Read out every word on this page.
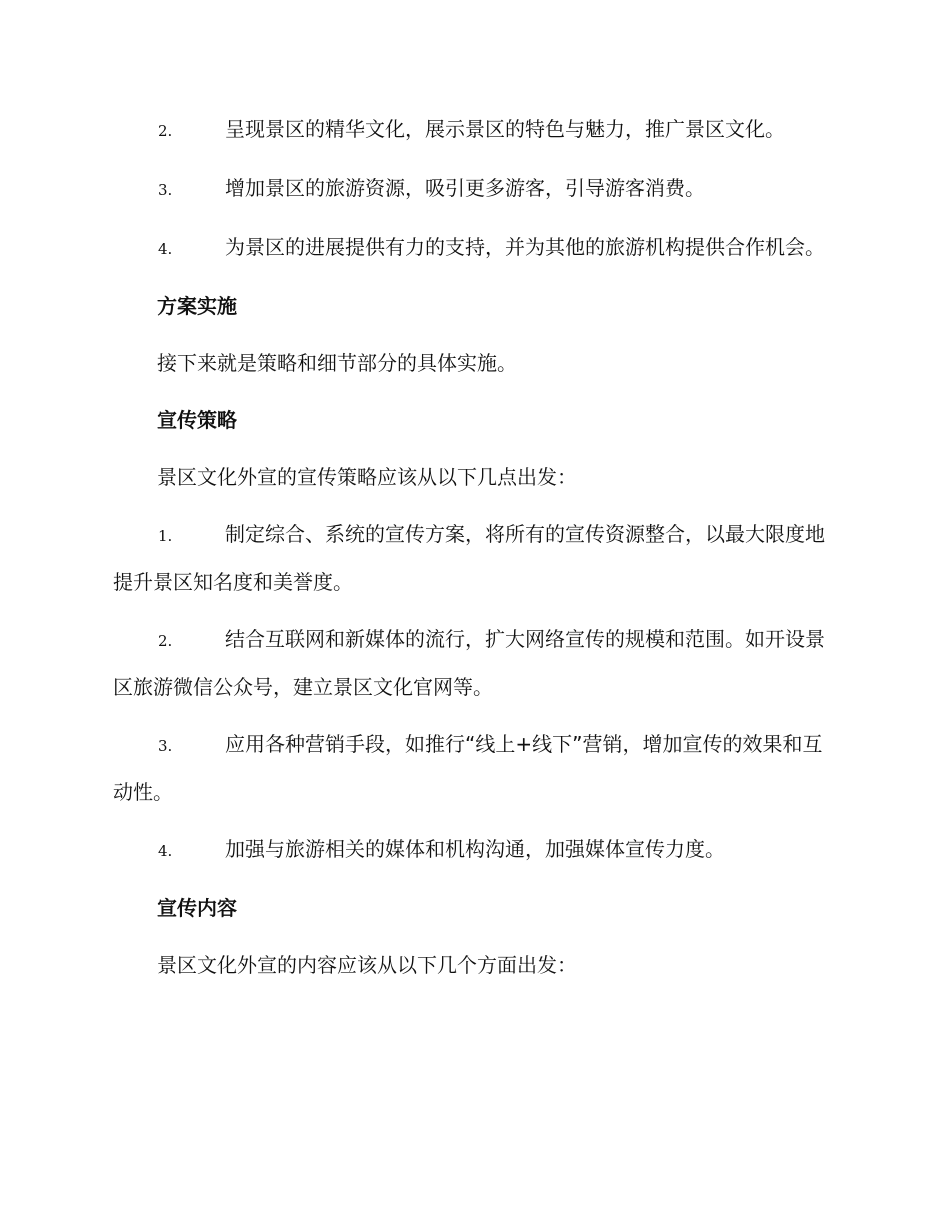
2.	呈现景区的精华文化，展示景区的特色与魅力，推广景区文化。

3.	增加景区的旅游资源，吸引更多游客，引导游客消费。

4.	为景区的进展提供有力的支持，并为其他的旅游机构提供合作机会。

方案实施

接下来就是策略和细节部分的具体实施。

宣传策略

景区文化外宣的宣传策略应该从以下几点出发：

1.	制定综合、系统的宣传方案，将所有的宣传资源整合，以最大限度地提升景区知名度和美誉度。

2.	结合互联网和新媒体的流行，扩大网络宣传的规模和范围。如开设景区旅游微信公众号，建立景区文化官网等。

3.	应用各种营销手段，如推行“线上+线下”营销，增加宣传的效果和互动性。

4.	加强与旅游相关的媒体和机构沟通，加强媒体宣传力度。

宣传内容

景区文化外宣的内容应该从以下几个方面出发：
